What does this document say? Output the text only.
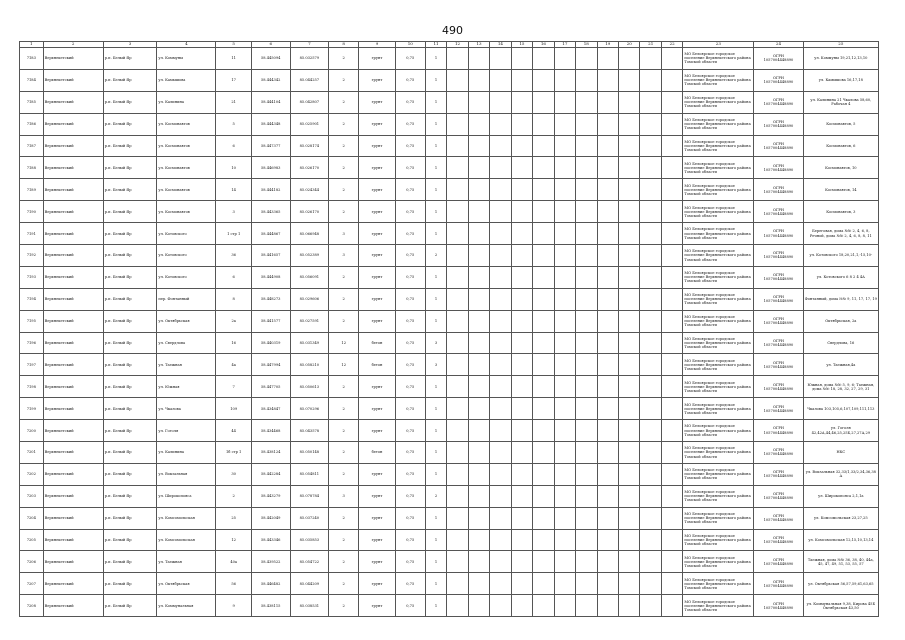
490
1	2	3	4	5	6	7	8	9	10	11	12	13	14	15	16	17	18	19	20	21	22	23	24	25
7183	Верхнекетский	р.п. Белый Яр	ул. Коммуны	11	58.445094	85.032579	2	грунт	0,75	1												МО Белоярское городское поселение Верхнекетского района Томской области	ОГРН
1057004448890	ул. Коммуны 19,21,12,13,10
7184	Верхнекетский	р.п. Белый Яр	ул. Камышова	17	58.444342	85.044257	2	грунт	0,75	1												МО Белоярское городское поселение Верхнекетского района Томской области	ОГРН
1057004448890	ул. Камышова 16,17,18
7185	Верхнекетский	р.п. Белый Яр	ул. Калинина	21	58.444104	85.042807	2	грунт	0,75	1												МО Белоярское городское поселение Верхнекетского района Томской области	ОГРН
1057004448890	ул. Калинина 21 Чкалова 58,60, Рабочая 4
7186	Верхнекетский	р.п. Белый Яр	ул. Космонавтов	5	58.444348	85.025901	2	грунт	0,75	1												МО Белоярское городское поселение Верхнекетского района Томской области	ОГРН
1057004448890	Космонавтов, 5
7187	Верхнекетский	р.п. Белый Яр	ул. Космонавтов	6	58.447377	85.028174	2	грунт	0,75	1												МО Белоярское городское поселение Верхнекетского района Томской области	ОГРН
1057004448890	Космонавтов, 6
7188	Верхнекетский	р.п. Белый Яр	ул. Космонавтов	10	58.446983	85.026170	2	грунт	0,75	1												МО Белоярское городское поселение Верхнекетского района Томской области	ОГРН
1057004448890	Космонавтов, 10
7189	Верхнекетский	р.п. Белый Яр	ул. Космонавтов	14	58.444182	85.024344	2	грунт	0,75	1												МО Белоярское городское поселение Верхнекетского района Томской области	ОГРН
1057004448890	Космонавтов, 14
7190	Верхнекетский	р.п. Белый Яр	ул. Космонавтов	3	58.443365	85.026170	2	грунт	0,75	1												МО Белоярское городское поселение Верхнекетского района Томской области	ОГРН
1057004448890	Космонавтов, 3
7191	Верхнекетский	р.п. Белый Яр	ул. Котовского	1 стр 1	58.444867	85.066948	3	грунт	0,75	1												МО Белоярское городское поселение Верхнекетского района Томской области	ОГРН
1057004448890	Береговая, дома №№ 2, 4, 6, 8, Речной, дома №№ 2, 4, 6, 8, 8, 11
7192	Верхнекетский	р.п. Белый Яр	ул. Котовского	36	58.441657	85.052389	3	грунт	0,75	2												МО Белоярское городское поселение Верхнекетского района Томской области	ОГРН
1057004448890	ул. Котовского 18,20,21,1,-15,10-
7193	Верхнекетский	р.п. Белый Яр	ул. Котовского	6	58.444908	85.056091	2	грунт	0,75	1												МО Белоярское городское поселение Верхнекетского района Томской области	ОГРН
1057004448890	ул. Котовского 6 8 2 4 4А
7194	Верхнекетский	р.п. Белый Яр	пер. Фонтанный	8	58.448273	85.029606	2	грунт	0,75	1												МО Белоярское городское поселение Верхнекетского района Томской области	ОГРН
1057004448890	Фонтанный, дома №№ 9, 11, 17, 17, 19
7195	Верхнекетский	р.п. Белый Яр	ул. Октябрьская	2а	58.441577	85.027591	2	грунт	0,75	1												МО Белоярское городское поселение Верхнекетского района Томской области	ОГРН
1057004448890	Октябрьская, 2а
7196	Верхнекетский	р.п. Белый Яр	ул. Свердлова	16	58.440319	85.031349	12	бетон	0,75	3												МО Белоярское городское поселение Верхнекетского района Томской области	ОГРН
1057004448890	Свердлова, 16
7197	Верхнекетский	р.п. Белый Яр	ул. Таежная	4а	58.447994	85.058210	12	бетон	0,75	3												МО Белоярское городское поселение Верхнекетского района Томской области	ОГРН
1057004448890	ул. Таежная,4а
7198	Верхнекетский	р.п. Белый Яр	ул. Южная	7	58.447705	85.050613	2	грунт	0,75	1												МО Белоярское городское поселение Верхнекетского района Томской области	ОГРН
1057004448890	Южная, дома №№ 5, 9, 6; Таежная, дома №№ 18, 28, 32, 27, 29, 31
7199	Верхнекетский	р.п. Белый Яр	ул. Чкалова	109	58.434847	85.070296	2	грунт	0,75	1												МО Белоярское городское поселение Верхнекетского района Томской области	ОГРН
1057004448890	Чкалова 103,105,6,107,109,111,113
7200	Верхнекетский	р.п. Белый Яр	ул. Гоголя	44	58.434468	85.043578	2	грунт	0,75	1												МО Белоярское городское поселение Верхнекетского района Томской области	ОГРН
1057004448890	ул. Гоголя 42,42А,44,46,25,25Б,27,27А,29
7201	Верхнекетский	р.п. Белый Яр	ул. Калинина	1б стр 1	58.438124	85.050148	2	бетон	0,75	1												МО Белоярское городское поселение Верхнекетского района Томской области	ОГРН
1057004448890	НКС
7202	Верхнекетский	р.п. Белый Яр	ул. Вокзальная	30	58.442284	85.054811	2	грунт	0,75	1												МО Белоярское городское поселение Верхнекетского района Томской области	ОГРН
1057004448890	ул. Вокзальная 32,33/1,33/2,34,36,38 А
7203	Верхнекетский	р.п. Белый Яр	ул. Широкопояса	2	58.443279	85.078784	3	грунт	0,75	2												МО Белоярское городское поселение Верхнекетского района Томской области	ОГРН
1057004448890	ул. Широкопояса 2,1,1а
7204	Верхнекетский	р.п. Белый Яр	ул. Комсомольская	25	58.442049	85.037240	2	грунт	0,75	1												МО Белоярское городское поселение Верхнекетского района Томской области	ОГРН
1057004448890	ул. Комсомольская 23,27,25
7205	Верхнекетский	р.п. Белый Яр	ул. Комсомольская	12	58.443346	85.035853	2	грунт	0,75	1												МО Белоярское городское поселение Верхнекетского района Томской области	ОГРН
1057004448890	ул. Комсомольская 12,15,10,13,14
7206	Верхнекетский	р.п. Белый Яр	ул. Таежная	40а	58.439522	85.054722	2	грунт	0,75	1												МО Белоярское городское поселение Верхнекетского района Томской области	ОГРН
1057004448890	Таежная, дома №№ 36, 38, 40, 44а, 45, 47, 49, 51, 53, 55, 57
7207	Верхнекетский	р.п. Белый Яр	ул. Октябрьская	56	58.446482	85.044209	2	грунт	0,75	1												МО Белоярское городское поселение Верхнекетского района Томской области	ОГРН
1057004448890	ул. Октябрьская 56,57,59,61,63,65
7208	Верхнекетский	р.п. Белый Яр	ул. Коммунальная	9	58.438115	85.038531	2	грунт	0,75	1												МО Белоярское городское поселение Верхнекетского района Томской области	ОГРН
1057004448890	ул. Коммунальная 9,38, Кирова 45Б Октябрьская 43,50
